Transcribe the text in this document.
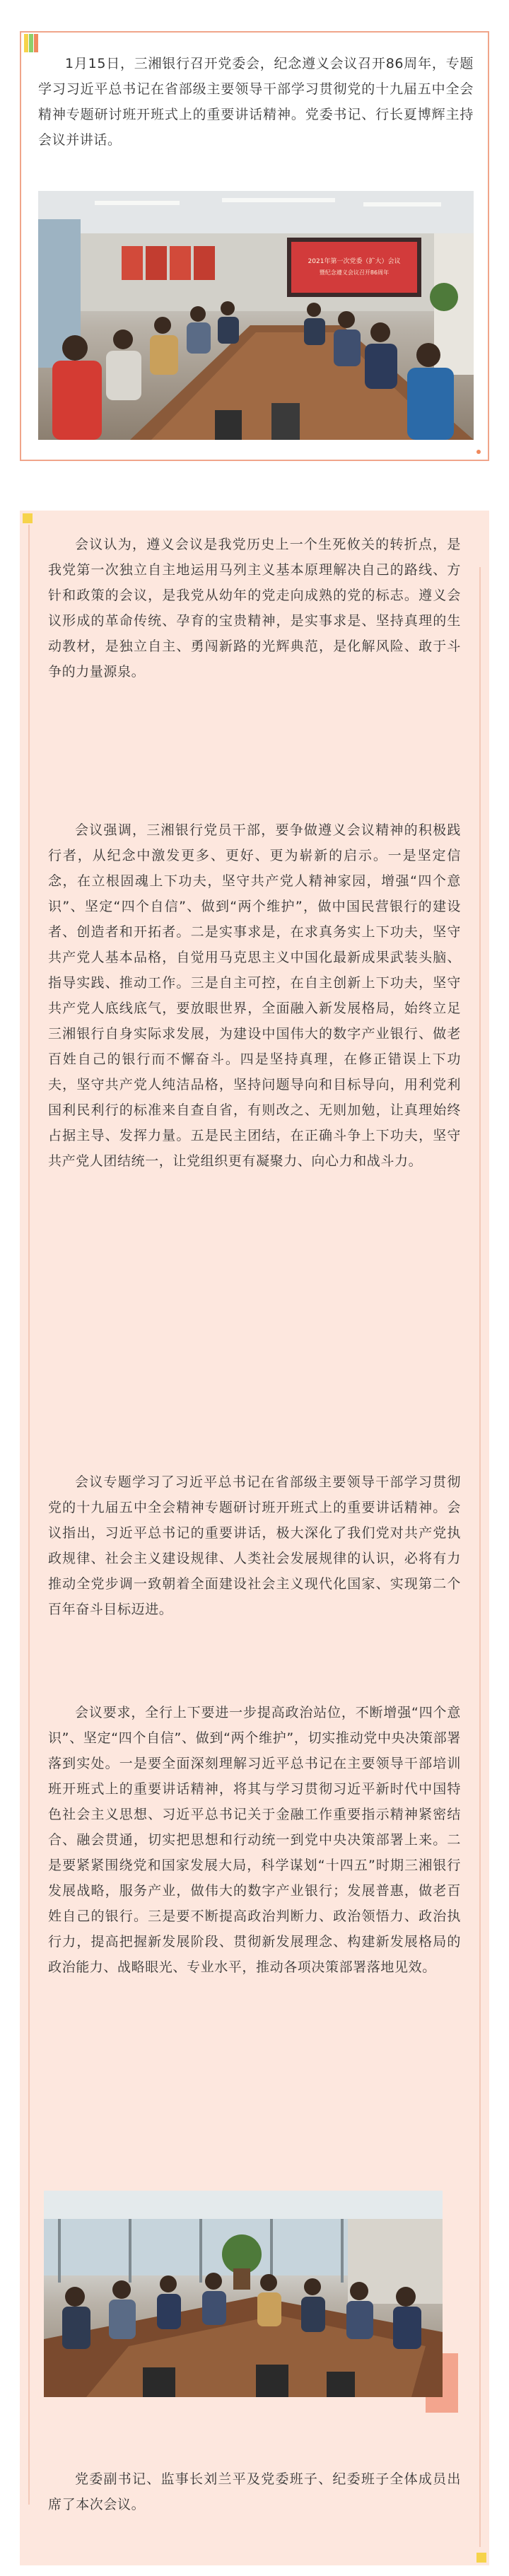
1月15日，三湘银行召开党委会，纪念遵义会议召开86周年，专题学习习近平总书记在省部级主要领导干部学习贯彻党的十九届五中全会精神专题研讨班开班式上的重要讲话精神。党委书记、行长夏博辉主持会议并讲话。

2021年第一次党委（扩大）会议
暨纪念遵义会议召开86周年

会议认为，遵义会议是我党历史上一个生死攸关的转折点，是我党第一次独立自主地运用马列主义基本原理解决自己的路线、方针和政策的会议，是我党从幼年的党走向成熟的党的标志。遵义会议形成的革命传统、孕育的宝贵精神，是实事求是、坚持真理的生动教材，是独立自主、勇闯新路的光辉典范，是化解风险、敢于斗争的力量源泉。

会议强调，三湘银行党员干部，要争做遵义会议精神的积极践行者，从纪念中激发更多、更好、更为崭新的启示。一是坚定信念，在立根固魂上下功夫，坚守共产党人精神家园，增强“四个意识”、坚定“四个自信”、做到“两个维护”，做中国民营银行的建设者、创造者和开拓者。二是实事求是，在求真务实上下功夫，坚守共产党人基本品格，自觉用马克思主义中国化最新成果武装头脑、指导实践、推动工作。三是自主可控，在自主创新上下功夫，坚守共产党人底线底气，要放眼世界，全面融入新发展格局，始终立足三湘银行自身实际求发展，为建设中国伟大的数字产业银行、做老百姓自己的银行而不懈奋斗。四是坚持真理，在修正错误上下功夫，坚守共产党人纯洁品格，坚持问题导向和目标导向，用利党利国利民利行的标准来自查自省，有则改之、无则加勉，让真理始终占据主导、发挥力量。五是民主团结，在正确斗争上下功夫，坚守共产党人团结统一，让党组织更有凝聚力、向心力和战斗力。

会议专题学习了习近平总书记在省部级主要领导干部学习贯彻党的十九届五中全会精神专题研讨班开班式上的重要讲话精神。会议指出，习近平总书记的重要讲话，极大深化了我们党对共产党执政规律、社会主义建设规律、人类社会发展规律的认识，必将有力推动全党步调一致朝着全面建设社会主义现代化国家、实现第二个百年奋斗目标迈进。

会议要求，全行上下要进一步提高政治站位，不断增强“四个意识”、坚定“四个自信”、做到“两个维护”，切实推动党中央决策部署落到实处。一是要全面深刻理解习近平总书记在主要领导干部培训班开班式上的重要讲话精神，将其与学习贯彻习近平新时代中国特色社会主义思想、习近平总书记关于金融工作重要指示精神紧密结合、融会贯通，切实把思想和行动统一到党中央决策部署上来。二是要紧紧围绕党和国家发展大局，科学谋划“十四五”时期三湘银行发展战略，服务产业，做伟大的数字产业银行；发展普惠，做老百姓自己的银行。三是要不断提高政治判断力、政治领悟力、政治执行力，提高把握新发展阶段、贯彻新发展理念、构建新发展格局的政治能力、战略眼光、专业水平，推动各项决策部署落地见效。

党委副书记、监事长刘兰平及党委班子、纪委班子全体成员出席了本次会议。
